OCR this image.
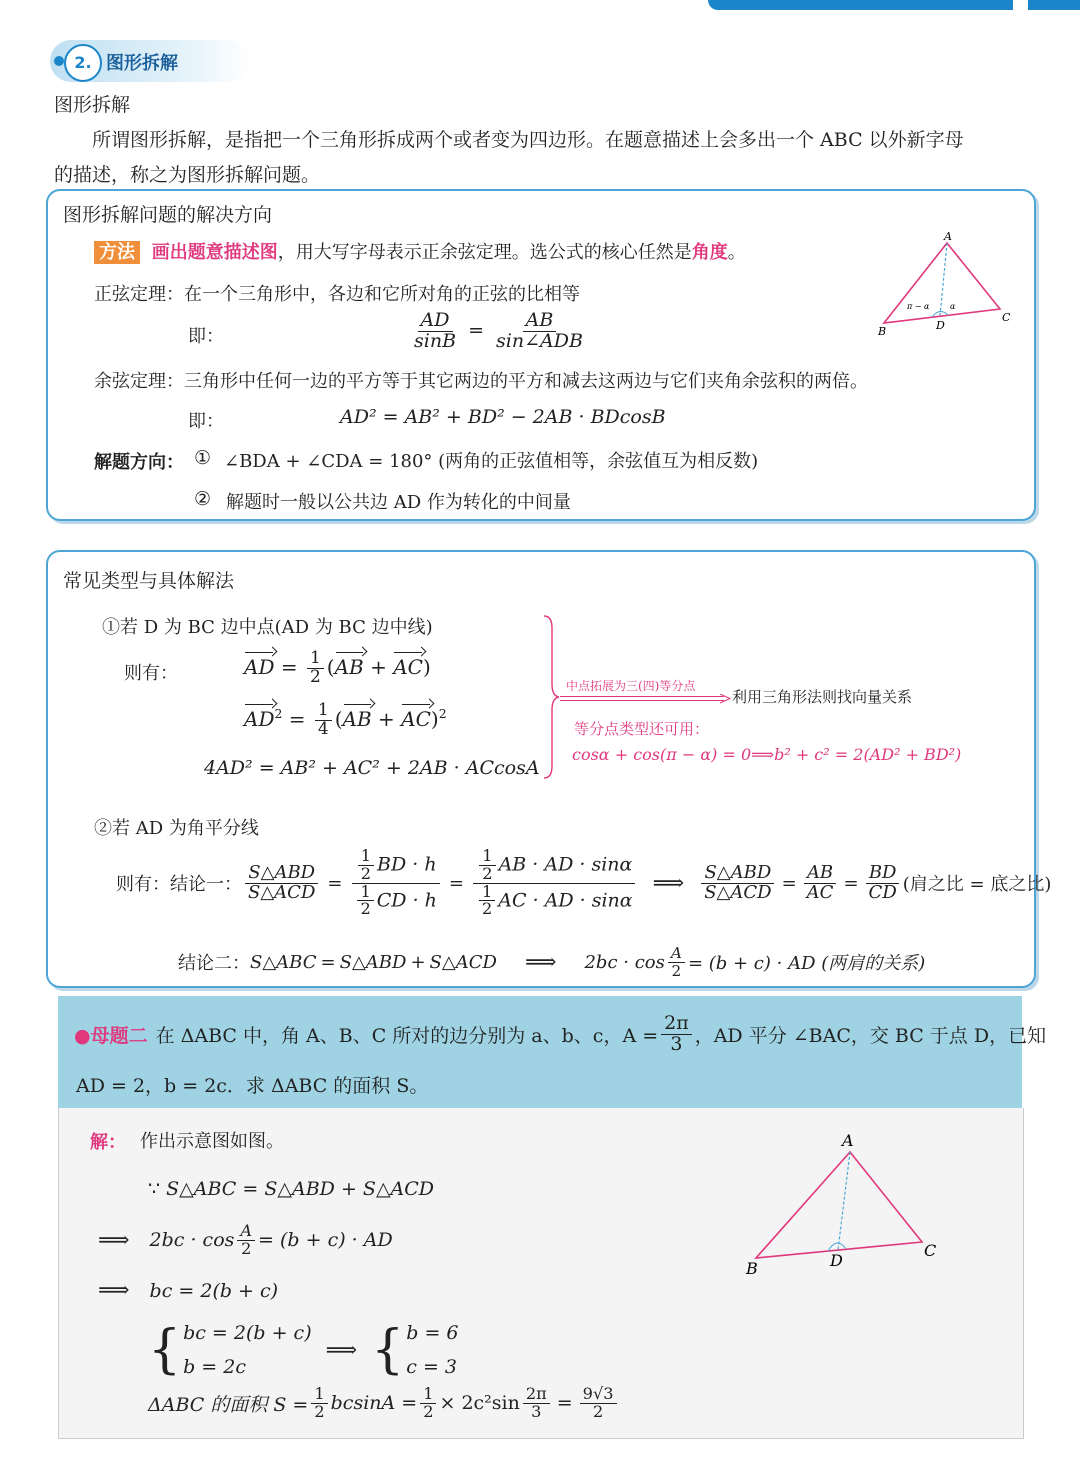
2. 图形拆解
图形拆解
所谓图形拆解，是指把一个三角形拆成两个或者变为四边形。在题意描述上会多出一个 ABC 以外新字母
的描述，称之为图形拆解问题。
图形拆解问题的解决方向
方法 画出题意描述图，用大写字母表示正余弦定理。选公式的核心任然是角度。
正弦定理：在一个三角形中，各边和它所对角的正弦的比相等
即：	$\frac{AD}{\sin B} = \frac{AB}{\text{sin∠ADB}}$
余弦定理：三角形中任何一边的平方等于其它两边的平方和减去这两边与它们夹角余弦积的两倍。
即：	AD² = AB² + BD² − 2AB · BDcosB
解题方向： ① ∠BDA + ∠CDA = 180° (两角的正弦值相等，余弦值互为相反数)
② 解题时一般以公共边 AD 作为转化的中间量
A
B
C
D
π − α	α
常见类型与具体解法
①若 D 为 BC 边中点(AD 为 BC 边中线)
则有：	AD = $\frac{1}{2} (AB + AC)$
$AD^2 = \frac{1}{4} (AB + AC)^2$
4AD² = AB² + AC² + 2AB · ACcosA
中点拓展为三(四)等分点
利用三角形法则找向量关系
等分点类型还可用：
cosα + cos(π − α) = 0⟹b² + c² = 2(AD² + BD²)
②若 AD 为角平分线
则有：结论一： $\frac{\text{S△ABD}}{\text{S△ACD}} = \frac{\frac{1}{2} BD \cdot h}{\frac{1}{2} CD \cdot h} = \frac{\frac{1}{2} AB \cdot AD \cdot \sin\alpha}{\frac{1}{2} AC \cdot AD \cdot \sin\alpha}$ ⟹ $\frac{\text{S△ABD}}{\text{S△ACD}} = \frac{AB}{AC} = \frac{BD}{CD}$ (肩之比 = 底之比)
结论二： S△ABC = S△ABD + S△ACD ⟹ $2bc \cdot \cos \frac{A}{2} = (b + c)$ · AD (两肩的关系)
●母题二 在 ΔABC 中，角 A、B、C 所对的边分别为 a、b、c，$A = \frac{2\pi}{3}$ ，AD 平分 ∠BAC，交 BC 于点 D，已知
AD = 2，b = 2c．求 ΔABC 的面积 S。
解： 作出示意图如图。
∵ S△ABC = S△ABD + S△ACD
⟹ $2bc \cdot \cos \frac{A}{2} = (b + c)$ · AD
⟹ bc = 2(b + c)
{ bc = 2(b + c)
b = 2c
⟹ { b = 6
c = 3
ΔABC 的面积 $S = \frac{1}{2}$ $bcsinA = \frac{1}{2} \times 2c^2\sin \frac{2\pi}{3} = \frac{9√3}{2}$
A
B
C
D
